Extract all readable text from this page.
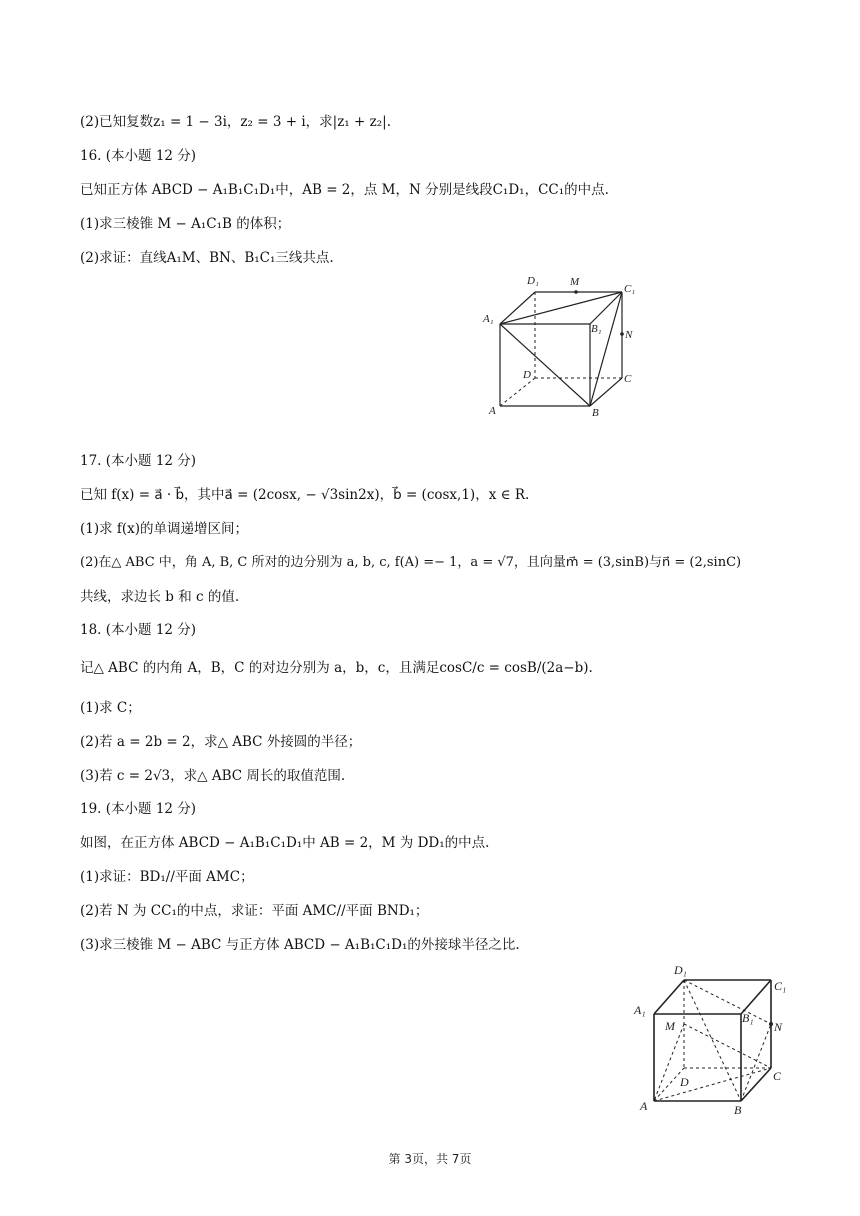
(2)已知复数z₁ = 1 − 3i，z₂ = 3 + i，求|z₁ + z₂|.
16. (本小题 12 分)
已知正方体 ABCD − A₁B₁C₁D₁中，AB = 2，点 M，N 分别是线段C₁D₁，CC₁的中点.
(1)求三棱锥 M − A₁C₁B 的体积；
(2)求证：直线A₁M、BN、B₁C₁三线共点.
A₁
B₁
C₁
D₁	M
N
A	B
C
D
17. (本小题 12 分)
已知 f(x) = a⃗ · b⃗，其中a⃗ = (2cosx, − √3sin2x)，b⃗ = (cosx,1)，x ∈ R.
(1)求 f(x)的单调递增区间；
(2)在△ ABC 中，角 A, B, C 所对的边分别为 a, b, c, f(A) =− 1，a = √7，且向量m⃗ = (3,sinB)与n⃗ = (2,sinC)
共线，求边长 b 和 c 的值.
18. (本小题 12 分)
记△ ABC 的内角 A，B，C 的对边分别为 a，b，c，且满足cosC/c = cosB/(2a−b).
(1)求 C；
(2)若 a = 2b = 2，求△ ABC 外接圆的半径；
(3)若 c = 2√3，求△ ABC 周长的取值范围.
19. (本小题 12 分)
如图，在正方体 ABCD − A₁B₁C₁D₁中 AB = 2，M 为 DD₁的中点.
(1)求证：BD₁//平面 AMC；
(2)若 N 为 CC₁的中点，求证：平面 AMC//平面 BND₁；
(3)求三棱锥 M − ABC 与正方体 ABCD − A₁B₁C₁D₁的外接球半径之比.
A₁
B₁
C₁
D₁
M	N
A	B
C
D
第 3页，共 7页
